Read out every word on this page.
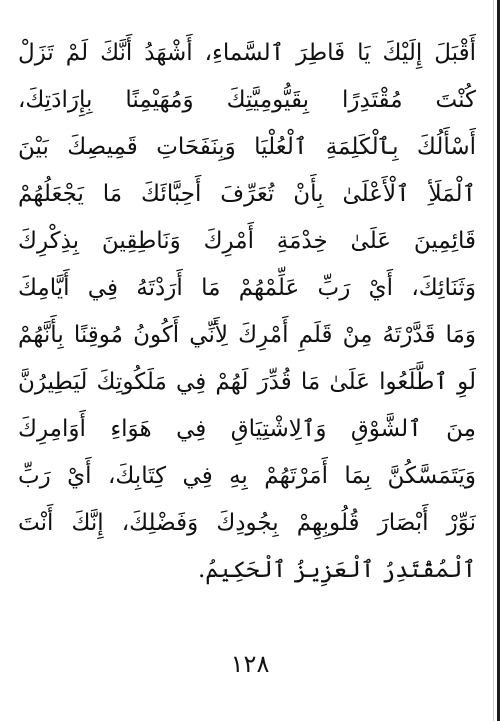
أَقْبَلَ إِلَيْكَ يَا فَاطِرَ ٱلسَّماءِ، أَشْهَدُ أَنَّكَ لَمْ تَزَلْ
كُنْتَ مُقْتَدِرًا بِقَيُّومِيَّتِكَ وَمُهَيْمِنًا بِإِرَادَتِكَ،
أَسْأَلُكَ بِٱلْكَلِمَةِ ٱلْعُلْيَا وَبِنَفَحَاتِ قَمِيصِكَ بَيْنَ
ٱلْمَلَأِ ٱلْأَعْلَىٰ بِأَنْ تُعَرِّفَ أَحِبَّائَكَ مَا يَجْعَلُهُمْ
قَائِمِينَ عَلَىٰ خِدْمَةِ أَمْرِكَ وَنَاطِقِينَ بِذِكْرِكَ
وَثَنَائِكَ، أَيْ رَبِّ عَلِّمْهُمْ مَا أَرَدْتَهُ فِي أَيَّامِكَ
وَمَا قَدَّرْتَهُ مِنْ قَلَمِ أَمْرِكَ لِأَنِّي أَكُونُ مُوقِنًا بِأَنَّهُمْ
لَوِ ٱطَّلَعُوا عَلَىٰ مَا قُدِّرَ لَهُمْ فِي مَلَكُوتِكَ لَيَطِيرُنَّ
مِنَ ٱلشَّوْقِ وَٱلِاشْتِيَاقِ فِي هَوَاءِ أَوَامِرِكَ
وَيَتَمَسَّكُنَّ بِمَا أَمَرْتَهُمْ بِهِ فِي كِتَابِكَ، أَيْ رَبِّ
نَوِّرْ أَبْصَارَ قُلُوبِهِمْ بِجُودِكَ وَفَضْلِكَ، إِنَّكَ أَنْتَ
ٱلْمُقْتَدِرُ ٱلْعَزِيزُ ٱلْحَكِيمُ.
١٢٨
